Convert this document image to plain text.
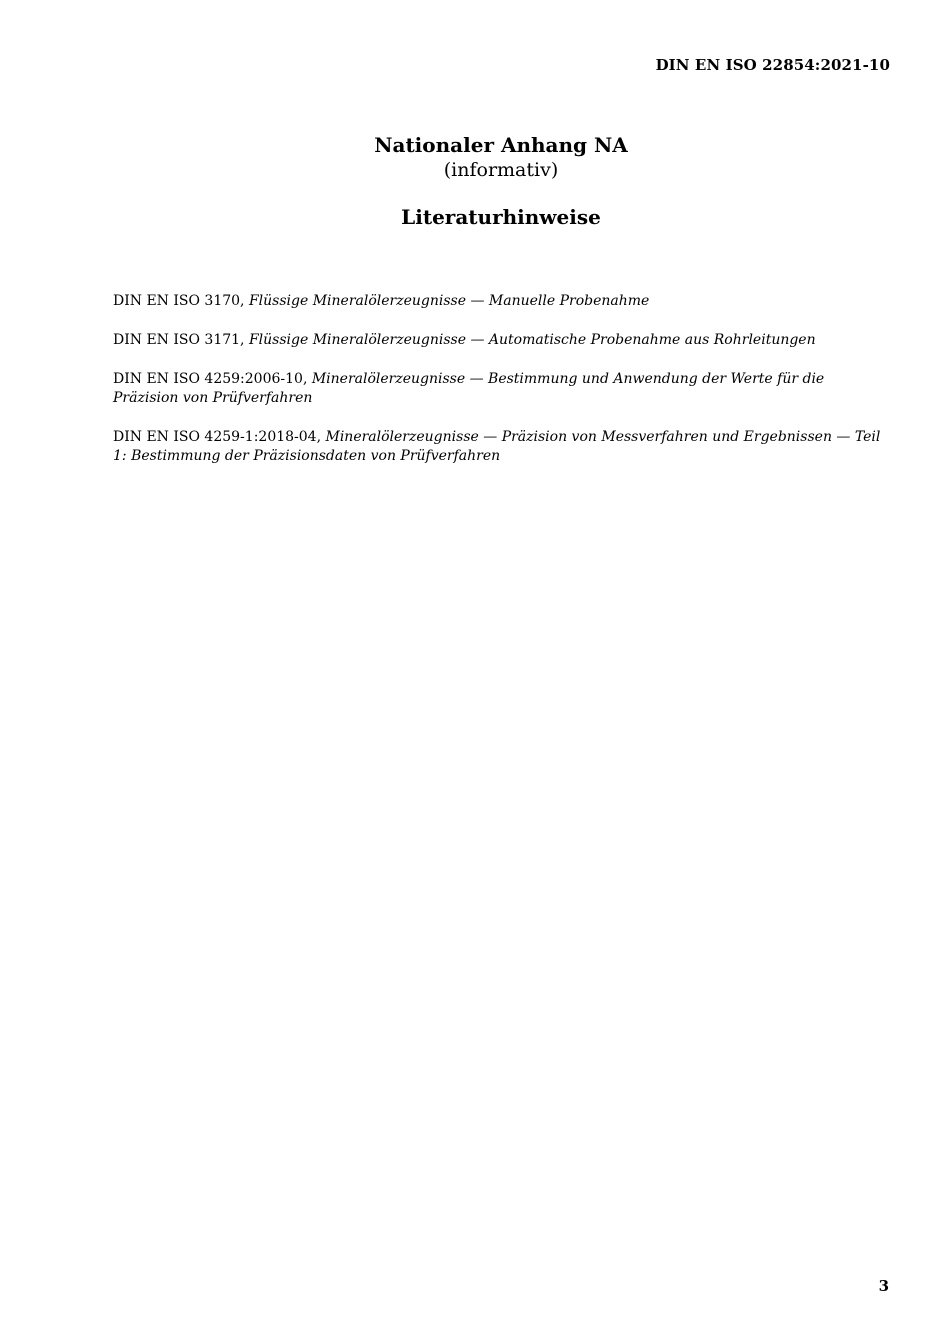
DIN EN ISO 22854:2021-10
Nationaler Anhang NA
(informativ)
Literaturhinweise

DIN EN ISO 3170, Flüssige Mineralölerzeugnisse — Manuelle Probenahme

DIN EN ISO 3171, Flüssige Mineralölerzeugnisse — Automatische Probenahme aus Rohrleitungen

DIN EN ISO 4259:2006-10, Mineralölerzeugnisse — Bestimmung und Anwendung der Werte für die Präzision von Prüfverfahren

DIN EN ISO 4259-1:2018-04, Mineralölerzeugnisse — Präzision von Messverfahren und Ergebnissen — Teil 1: Bestimmung der Präzisionsdaten von Prüfverfahren

3
